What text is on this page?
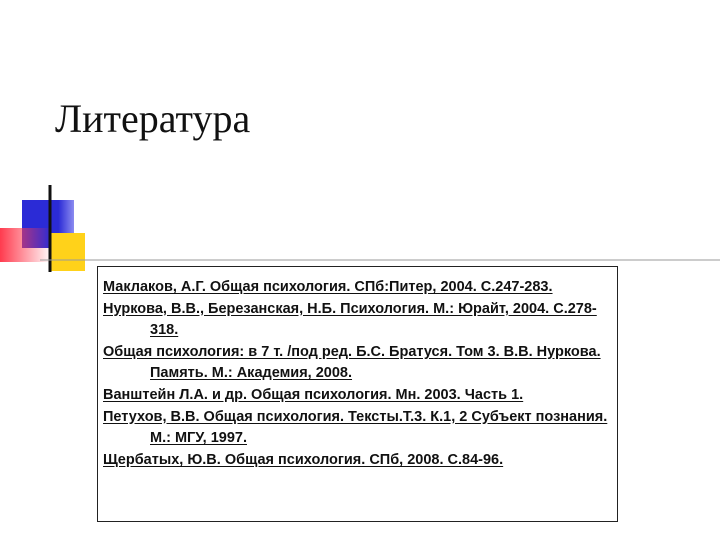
Литература

Маклаков, А.Г. Общая психология. СПб:Питер, 2004. С.247-283.

Нуркова, В.В., Березанская, Н.Б. Психология. М.: Юрайт, 2004. С.278-318.

Общая психология: в 7 т. /под ред. Б.С. Братуся. Том 3. В.В. Нуркова. Память. М.: Академия, 2008.

Ванштейн Л.А. и др. Общая психология. Мн. 2003. Часть 1.

Петухов, В.В. Общая психология. Тексты.Т.3. К.1, 2 Субъект познания. М.: МГУ, 1997.

Щербатых, Ю.В. Общая психология. СПб, 2008. С.84-96.
